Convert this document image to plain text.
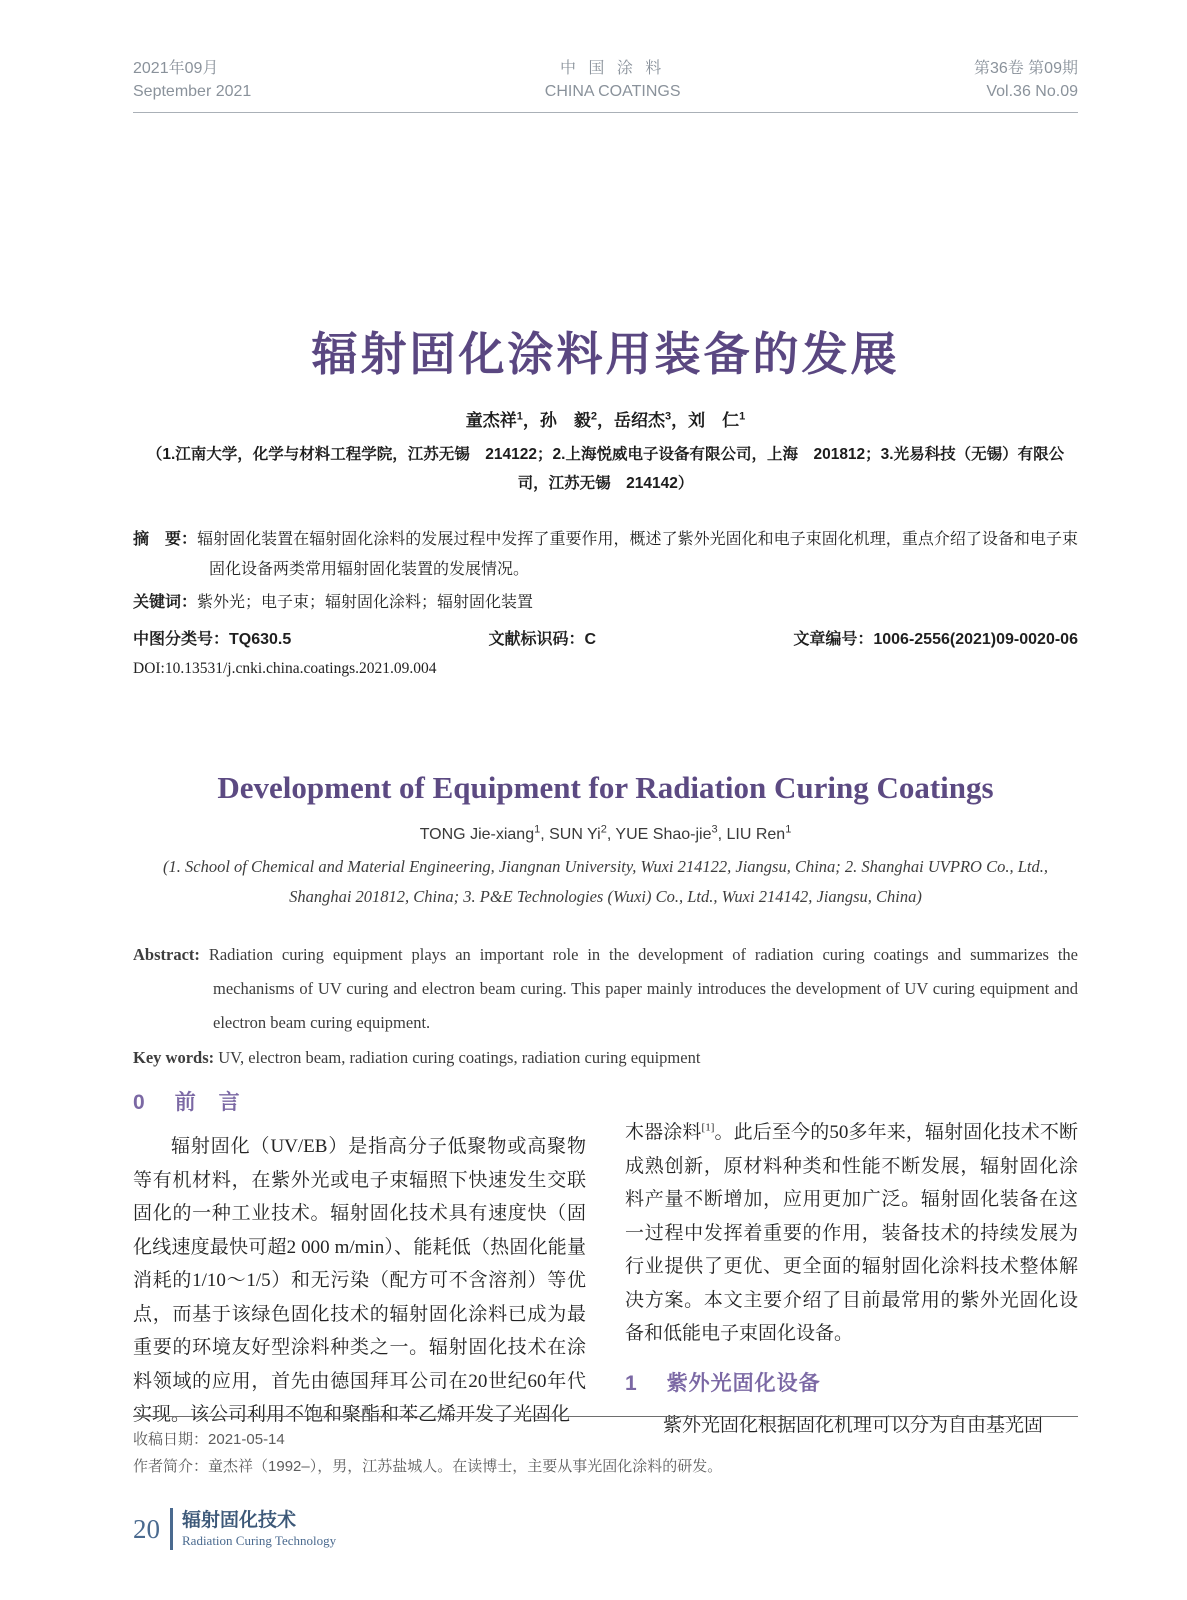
2021年09月
September 2021
中 国 涂 料
CHINA COATINGS
第36卷 第09期
Vol.36 No.09
辐射固化涂料用装备的发展
童杰祥$^1$，孙　毅$^2$，岳绍杰$^3$，刘　仁$^1$
（1.江南大学，化学与材料工程学院，江苏无锡　214122；2.上海悦威电子设备有限公司，上海　201812；3.光易科技（无锡）有限公司，江苏无锡　214142）
摘　要：辐射固化装置在辐射固化涂料的发展过程中发挥了重要作用，概述了紫外光固化和电子束固化机理，重点介绍了设备和电子束固化设备两类常用辐射固化装置的发展情况。
关键词：紫外光；电子束；辐射固化涂料；辐射固化装置
中图分类号：TQ630.5	文献标识码：C	文章编号：1006-2556(2021)09-0020-06
DOI:10.13531/j.cnki.china.coatings.2021.09.004
Development of Equipment for Radiation Curing Coatings
TONG Jie-xiang$^1$, SUN Yi$^2$, YUE Shao-jie$^3$, LIU Ren$^1$
(1. School of Chemical and Material Engineering, Jiangnan University, Wuxi 214122, Jiangsu, China; 2. Shanghai UVPRO Co., Ltd., Shanghai 201812, China; 3. P&E Technologies (Wuxi) Co., Ltd., Wuxi 214142, Jiangsu, China)
Abstract: Radiation curing equipment plays an important role in the development of radiation curing coatings and summarizes the mechanisms of UV curing and electron beam curing. This paper mainly introduces the development of UV curing equipment and electron beam curing equipment.
Key words: UV, electron beam, radiation curing coatings, radiation curing equipment
0 前　言

辐射固化（UV/EB）是指高分子低聚物或高聚物等有机材料，在紫外光或电子束辐照下快速发生交联固化的一种工业技术。辐射固化技术具有速度快（固化线速度最快可超2 000 m/min）、能耗低（热固化能量消耗的1/10～1/5）和无污染（配方可不含溶剂）等优点，而基于该绿色固化技术的辐射固化涂料已成为最重要的环境友好型涂料种类之一。辐射固化技术在涂料领域的应用，首先由德国拜耳公司在20世纪60年代实现。该公司利用不饱和聚酯和苯乙烯开发了光固化

木器涂料[1]。此后至今的50多年来，辐射固化技术不断成熟创新，原材料种类和性能不断发展，辐射固化涂料产量不断增加，应用更加广泛。辐射固化装备在这一过程中发挥着重要的作用，装备技术的持续发展为行业提供了更优、更全面的辐射固化涂料技术整体解决方案。本文主要介绍了目前最常用的紫外光固化设备和低能电子束固化设备。

1 紫外光固化设备

紫外光固化根据固化机理可以分为自由基光固

收稿日期：2021-05-14
作者简介：童杰祥（1992–），男，江苏盐城人。在读博士，主要从事光固化涂料的研发。
20 辐射固化技术
Radiation Curing Technology
